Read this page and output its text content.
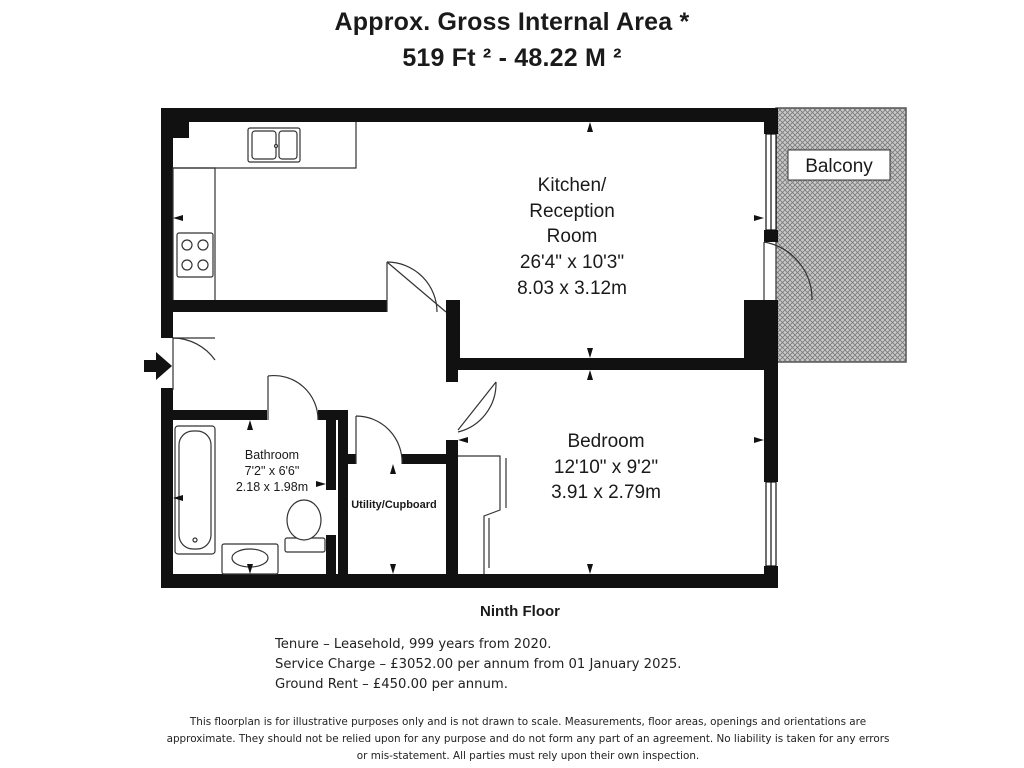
Approx. Gross Internal Area *
519 Ft ² - 48.22 M ²
Balcony
Kitchen/
Reception
Room
26'4" x 10'3"
8.03 x 3.12m
Bedroom
12'10" x 9'2"
3.91 x 2.79m
Bathroom
7'2" x 6'6"
2.18 x 1.98m
Utility/Cupboard
Ninth Floor
Tenure – Leasehold, 999 years from 2020.
Service Charge – £3052.00 per annum from 01 January 2025.
Ground Rent – £450.00 per annum.
This floorplan is for illustrative purposes only and is not drawn to scale. Measurements, floor areas, openings and orientations are
approximate. They should not be relied upon for any purpose and do not form any part of an agreement. No liability is taken for any errors
or mis-statement. All parties must rely upon their own inspection.
